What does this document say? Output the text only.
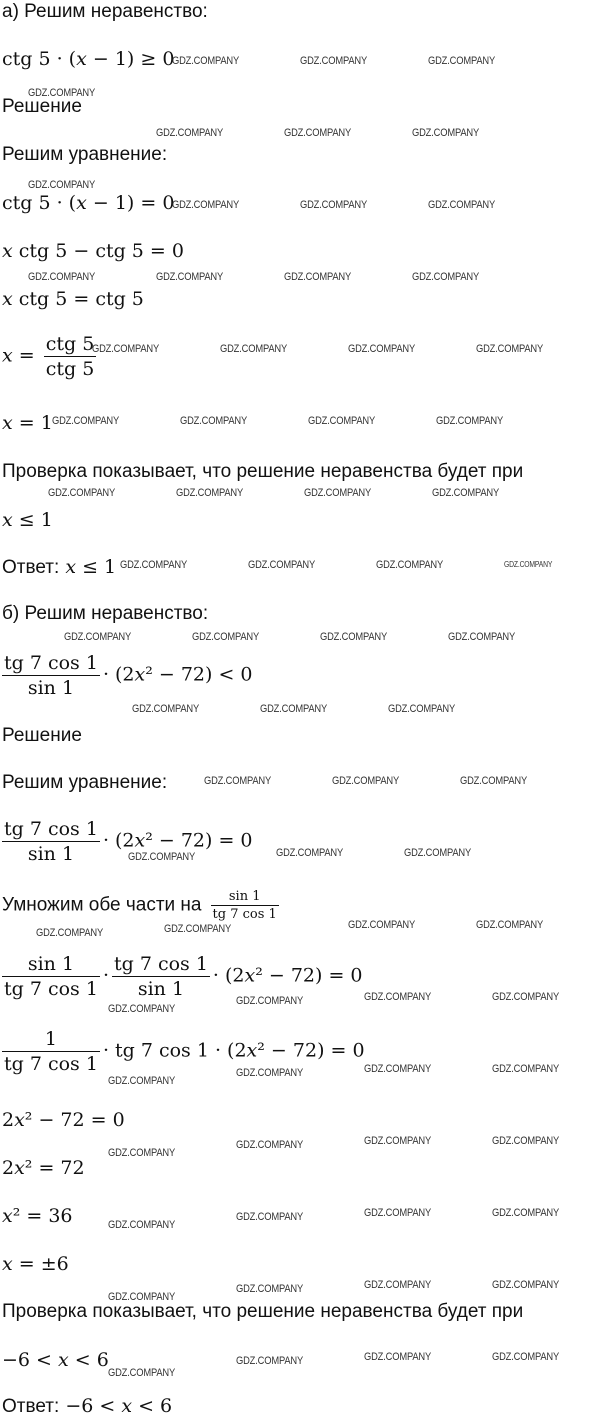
а) Решим неравенство:
ctg 5 · (𝑥 − 1) ≥ 0
Решение
Решим уравнение:
ctg 5 · (𝑥 − 1) = 0
𝑥 ctg 5 − ctg 5 = 0
𝑥 ctg 5 = ctg 5
𝑥 = $\frac{\text{ctg 5}}{\text{ctg 5}}$
𝑥 = 1
Проверка показывает, что решение неравенства будет при
𝑥 ≤ 1
Ответ: 𝑥 ≤ 1
б) Решим неравенство:
$\frac{tg 7 \cos 1}{\sin 1}$ · (2𝑥² − 72) < 0
Решение
Решим уравнение:
$\frac{tg 7 \cos 1}{\sin 1}$ · (2𝑥² − 72) = 0
Умножим обе части на $\frac{\sin 1}{tg 7 \cos 1}$
$\frac{\sin 1}{tg 7 \cos 1} \cdot \frac{tg 7 \cos 1}{\sin 1}$ · (2𝑥² − 72) = 0
$\frac{1}{tg 7 \cos 1}$ · tg 7 cos 1 · (2𝑥² − 72) = 0
2𝑥² − 72 = 0
2𝑥² = 72
𝑥² = 36
𝑥 = ±6
Проверка показывает, что решение неравенства будет при
−6 < 𝑥 < 6
Ответ: −6 < 𝑥 < 6
GDZ.COMPANY	GDZ.COMPANY	GDZ.COMPANY
GDZ.COMPANY
GDZ.COMPANY	GDZ.COMPANY	GDZ.COMPANY
GDZ.COMPANY
GDZ.COMPANY	GDZ.COMPANY	GDZ.COMPANY
GDZ.COMPANY	GDZ.COMPANY	GDZ.COMPANY	GDZ.COMPANY
GDZ.COMPANY	GDZ.COMPANY	GDZ.COMPANY	GDZ.COMPANY
GDZ.COMPANY	GDZ.COMPANY	GDZ.COMPANY	GDZ.COMPANY
GDZ.COMPANY	GDZ.COMPANY	GDZ.COMPANY	GDZ.COMPANY
GDZ.COMPANY	GDZ.COMPANY	GDZ.COMPANY
GDZ.COMPANY	GDZ.COMPANY	GDZ.COMPANY	GDZ.COMPANY
GDZ.COMPANY	GDZ.COMPANY	GDZ.COMPANY
GDZ.COMPANY	GDZ.COMPANY	GDZ.COMPANY
GDZ.COMPANY	GDZ.COMPANY	GDZ.COMPANY
GDZ.COMPANY	GDZ.COMPANY	GDZ.COMPANY	GDZ.COMPANY
GDZ.COMPANY
GDZ.COMPANY	GDZ.COMPANY	GDZ.COMPANY
GDZ.COMPANY
GDZ.COMPANY	GDZ.COMPANY	GDZ.COMPANY
GDZ.COMPANY
GDZ.COMPANY	GDZ.COMPANY	GDZ.COMPANY
GDZ.COMPANY
GDZ.COMPANY	GDZ.COMPANY	GDZ.COMPANY
GDZ.COMPANY
GDZ.COMPANY	GDZ.COMPANY	GDZ.COMPANY
GDZ.COMPANY
GDZ.COMPANY	GDZ.COMPANY	GDZ.COMPANY
GDZ.COMPANY
